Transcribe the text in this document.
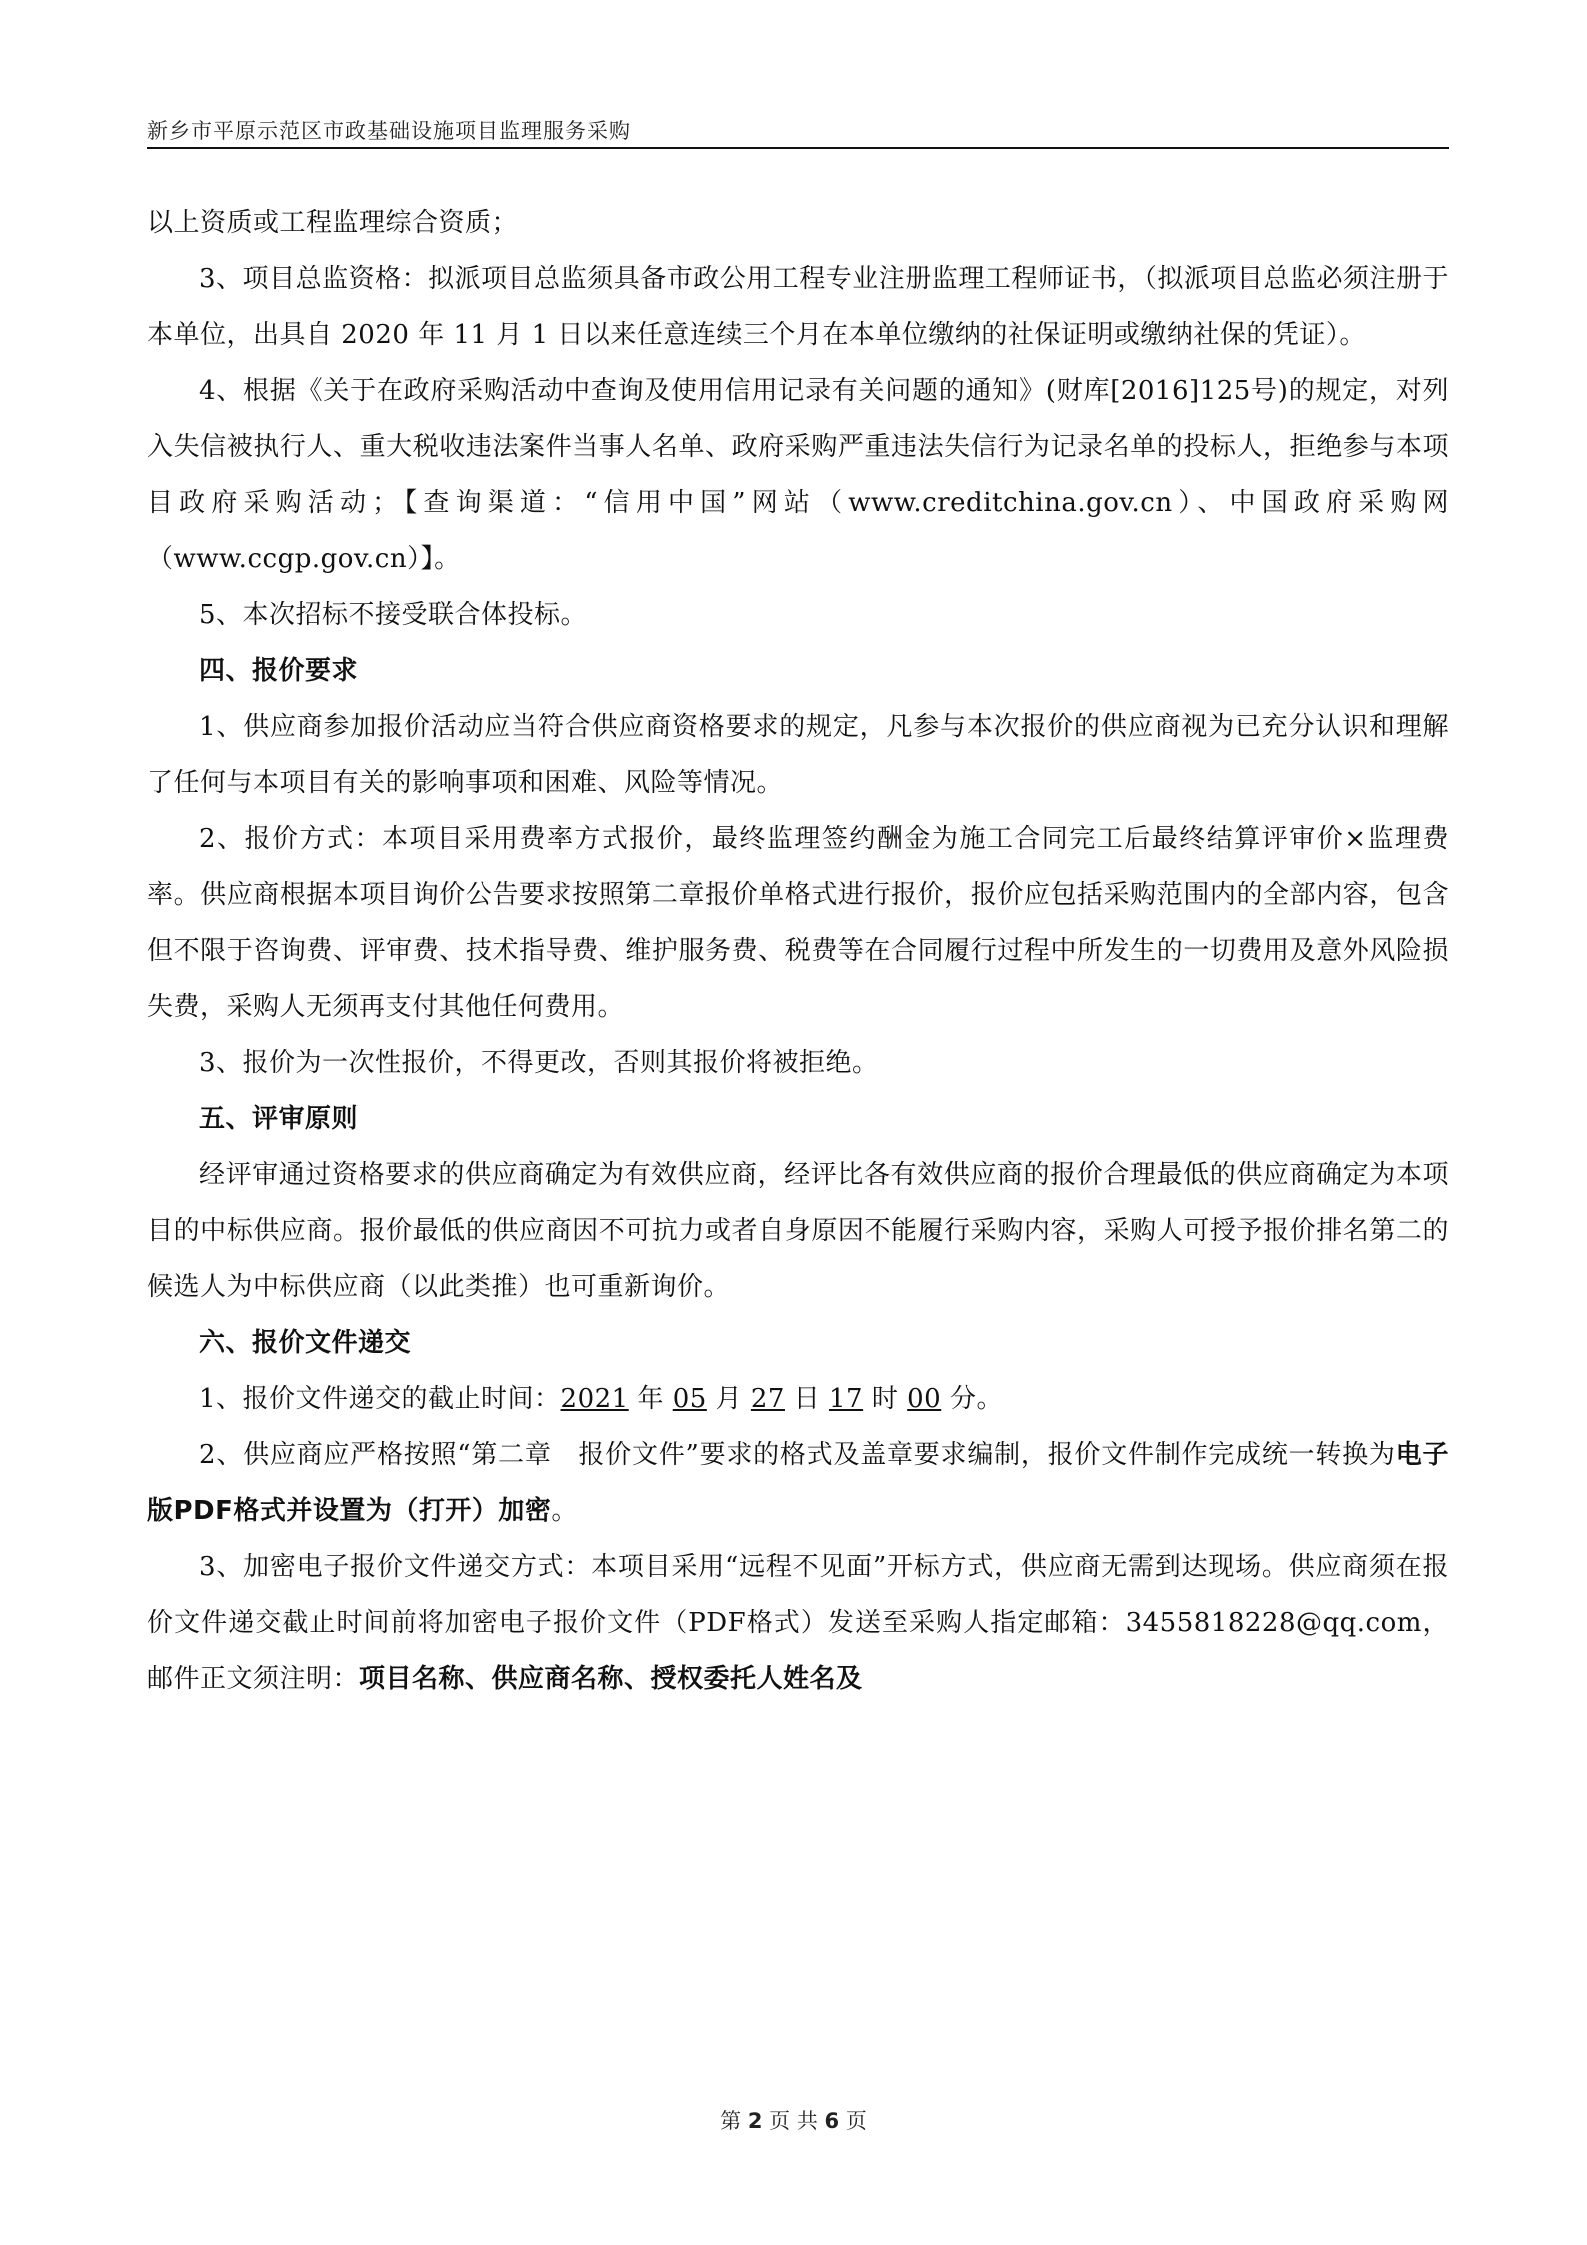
新乡市平原示范区市政基础设施项目监理服务采购

以上资质或工程监理综合资质；

3、项目总监资格：拟派项目总监须具备市政公用工程专业注册监理工程师证书，（拟派项目总监必须注册于本单位，出具自 2020 年 11 月 1 日以来任意连续三个月在本单位缴纳的社保证明或缴纳社保的凭证）。

4、根据《关于在政府采购活动中查询及使用信用记录有关问题的通知》(财库[2016]125号)的规定，对列入失信被执行人、重大税收违法案件当事人名单、政府采购严重违法失信行为记录名单的投标人，拒绝参与本项目政府采购活动；【查询渠道：“信用中国”网站（www.creditchina.gov.cn）、中国政府采购网（www.ccgp.gov.cn）】。

5、本次招标不接受联合体投标。

四、报价要求

1、供应商参加报价活动应当符合供应商资格要求的规定，凡参与本次报价的供应商视为已充分认识和理解了任何与本项目有关的影响事项和困难、风险等情况。

2、报价方式：本项目采用费率方式报价，最终监理签约酬金为施工合同完工后最终结算评审价×监理费率。供应商根据本项目询价公告要求按照第二章报价单格式进行报价，报价应包括采购范围内的全部内容，包含但不限于咨询费、评审费、技术指导费、维护服务费、税费等在合同履行过程中所发生的一切费用及意外风险损失费，采购人无须再支付其他任何费用。

3、报价为一次性报价，不得更改，否则其报价将被拒绝。

五、评审原则

经评审通过资格要求的供应商确定为有效供应商，经评比各有效供应商的报价合理最低的供应商确定为本项目的中标供应商。报价最低的供应商因不可抗力或者自身原因不能履行采购内容，采购人可授予报价排名第二的候选人为中标供应商（以此类推）也可重新询价。

六、报价文件递交

1、报价文件递交的截止时间：2021 年 05 月 27 日 17 时 00 分。

2、供应商应严格按照“第二章　报价文件”要求的格式及盖章要求编制，报价文件制作完成统一转换为电子版PDF格式并设置为（打开）加密。

3、加密电子报价文件递交方式：本项目采用“远程不见面”开标方式，供应商无需到达现场。供应商须在报价文件递交截止时间前将加密电子报价文件（PDF格式）发送至采购人指定邮箱：3455818228@qq.com，邮件正文须注明：项目名称、供应商名称、授权委托人姓名及

第 2 页 共 6 页
